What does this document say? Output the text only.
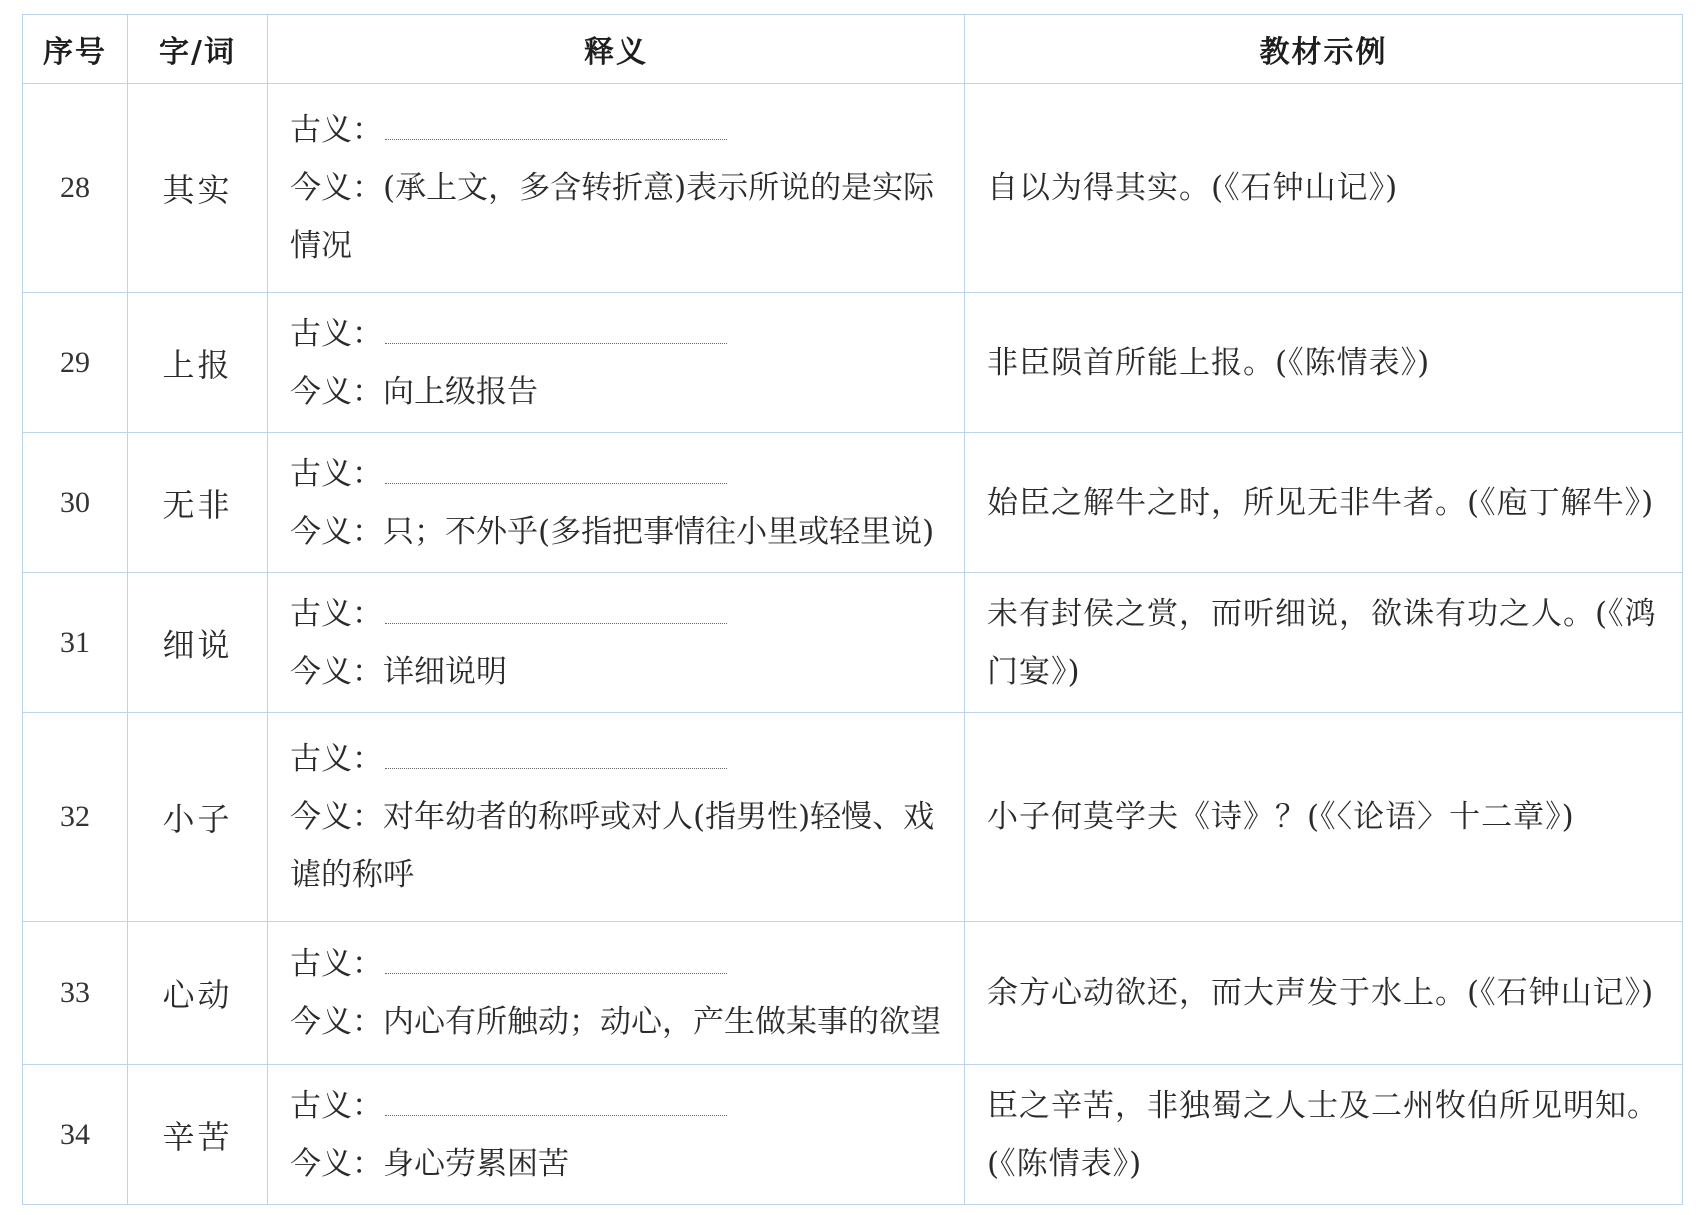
序号	字/词	释义	教材示例
28	其实	古义：
今义：(承上文，多含转折意)表示所说的是实际情况	自以为得其实。(《石钟山记》)

29	上报	古义：
今义：向上级报告	非臣陨首所能上报。(《陈情表》)

30	无非	古义：
今义：只；不外乎(多指把事情往小里或轻里说)	始臣之解牛之时，所见无非牛者。(《庖丁解牛》)

31	细说	古义：
今义：详细说明	未有封侯之赏，而听细说，欲诛有功之人。(《鸿门宴》)

32	小子	古义：
今义：对年幼者的称呼或对人(指男性)轻慢、戏谑的称呼	小子何莫学夫《诗》？(《〈论语〉十二章》)

33	心动	古义：
今义：内心有所触动；动心，产生做某事的欲望	余方心动欲还，而大声发于水上。(《石钟山记》)

34	辛苦	古义：
今义：身心劳累困苦	臣之辛苦，非独蜀之人士及二州牧伯所见明知。(《陈情表》)
